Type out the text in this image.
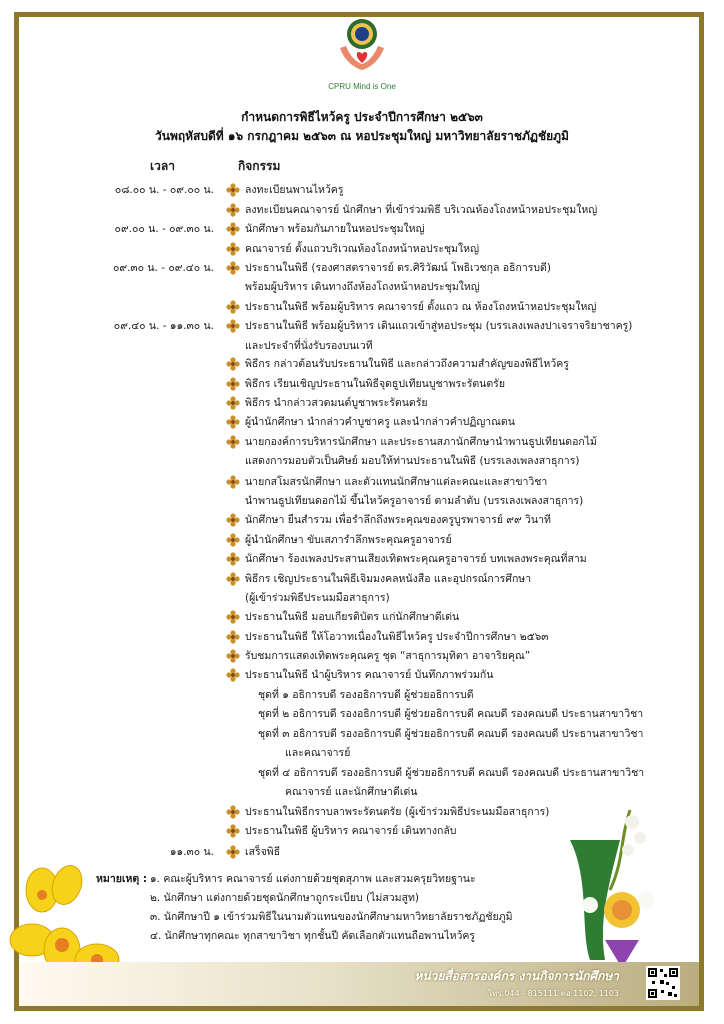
CPRU Mind is One
กำหนดการพิธีไหว้ครู ประจำปีการศึกษา ๒๕๖๓
วันพฤหัสบดีที่ ๑๖ กรกฎาคม ๒๕๖๓ ณ หอประชุมใหญ่ มหาวิทยาลัยราชภัฏชัยภูมิ
เวลา	กิจกรรม
๐๘.๐๐ น. - ๐๙.๐๐ น.	ลงทะเบียนพานไหว้ครู
ลงทะเบียนคณาจารย์ นักศึกษา ที่เข้าร่วมพิธี บริเวณห้องโถงหน้าหอประชุมใหญ่
๐๙.๐๐ น. - ๐๙.๓๐ น.	นักศึกษา พร้อมกันภายในหอประชุมใหญ่
คณาจารย์ ตั้งแถวบริเวณห้องโถงหน้าหอประชุมใหญ่
๐๙.๓๐ น. - ๐๙.๔๐ น.	ประธานในพิธี (รองศาสตราจารย์ ดร.ศิริวัฒน์ โพธิเวชกุล อธิการบดี)
พร้อมผู้บริหาร เดินทางถึงห้องโถงหน้าหอประชุมใหญ่
ประธานในพิธี พร้อมผู้บริหาร คณาจารย์ ตั้งแถว ณ ห้องโถงหน้าหอประชุมใหญ่
๐๙.๔๐ น. - ๑๑.๓๐ น.	ประธานในพิธี พร้อมผู้บริหาร เดินแถวเข้าสู่หอประชุม (บรรเลงเพลงปาเจราจริยาชาครู)
และประจำที่นั่งรับรองบนเวที
พิธีกร กล่าวต้อนรับประธานในพิธี และกล่าวถึงความสำคัญของพิธีไหว้ครู
พิธีกร เรียนเชิญประธานในพิธีจุดธูปเทียนบูชาพระรัตนตรัย
พิธีกร นำกล่าวสวดมนต์บูชาพระรัตนตรัย
ผู้นำนักศึกษา นำกล่าวคำบูชาครู และนำกล่าวคำปฏิญาณตน
นายกองค์การบริหารนักศึกษา และประธานสภานักศึกษานำพานธูปเทียนดอกไม้
แสดงการมอบตัวเป็นศิษย์ มอบให้ท่านประธานในพิธี (บรรเลงเพลงสาธุการ)
นายกสโมสรนักศึกษา และตัวแทนนักศึกษาแต่ละคณะและสาขาวิชา
นำพานธูปเทียนดอกไม้ ขึ้นไหว้ครูอาจารย์ ตามลำดับ (บรรเลงเพลงสาธุการ)
นักศึกษา ยืนสำรวม เพื่อรำลึกถึงพระคุณของครูบูรพาจารย์ ๙๙ วินาที
ผู้นำนักศึกษา ขับเสภารำลึกพระคุณครูอาจารย์
นักศึกษา ร้องเพลงประสานเสียงเทิดพระคุณครูอาจารย์ บทเพลงพระคุณที่สาม
พิธีกร เชิญประธานในพิธีเจิมมงคลหนังสือ และอุปกรณ์การศึกษา
(ผู้เข้าร่วมพิธีประนมมือสาธุการ)
ประธานในพิธี มอบเกียรติบัตร แก่นักศึกษาดีเด่น
ประธานในพิธี ให้โอวาทเนื่องในพิธีไหว้ครู ประจำปีการศึกษา ๒๕๖๓
รับชมการแสดงเทิดพระคุณครู ชุด “สาธุการมุทิตา อาจาริยคุณ”
ประธานในพิธี นำผู้บริหาร คณาจารย์ บันทึกภาพร่วมกัน
ชุดที่ ๑ อธิการบดี รองอธิการบดี ผู้ช่วยอธิการบดี
ชุดที่ ๒ อธิการบดี รองอธิการบดี ผู้ช่วยอธิการบดี คณบดี รองคณบดี ประธานสาขาวิชา
ชุดที่ ๓ อธิการบดี รองอธิการบดี ผู้ช่วยอธิการบดี คณบดี รองคณบดี ประธานสาขาวิชา
และคณาจารย์
ชุดที่ ๔ อธิการบดี รองอธิการบดี ผู้ช่วยอธิการบดี คณบดี รองคณบดี ประธานสาขาวิชา
คณาจารย์ และนักศึกษาดีเด่น
ประธานในพิธีกราบลาพระรัตนตรัย (ผู้เข้าร่วมพิธีประนมมือสาธุการ)
ประธานในพิธี ผู้บริหาร คณาจารย์ เดินทางกลับ
๑๑.๓๐ น.	เสร็จพิธี
หมายเหตุ : ๑. คณะผู้บริหาร คณาจารย์ แต่งกายด้วยชุดสุภาพ และสวมครุยวิทยฐานะ
๒. นักศึกษา แต่งกายด้วยชุดนักศึกษาถูกระเบียบ (ไม่สวมสูท)
๓. นักศึกษาปี ๑ เข้าร่วมพิธีในนามตัวแทนของนักศึกษามหาวิทยาลัยราชภัฏชัยภูมิ
๔. นักศึกษาทุกคณะ ทุกสาขาวิชา ทุกชั้นปี คัดเลือกตัวแทนถือพานไหว้ครู
หน่วยสื่อสารองค์กร งานกิจการนักศึกษา
โทร.044 - 815111 ต่อ 1102, 1103
